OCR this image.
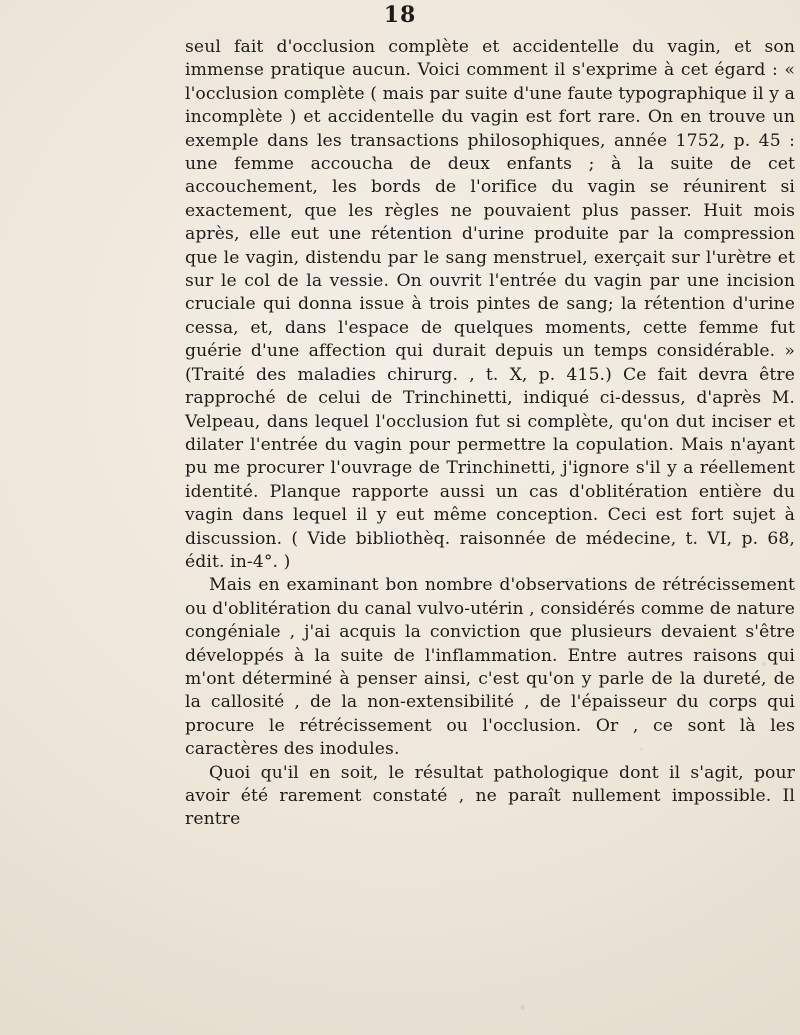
18

seul fait d'occlusion complète et accidentelle du vagin, et son immense pratique aucun. Voici comment il s'exprime à cet égard : « l'occlusion complète ( mais par suite d'une faute typographique il y a incomplète ) et accidentelle du vagin est fort rare. On en trouve un exemple dans les transactions philosophiques, année 1752, p. 45 : une femme accoucha de deux enfants ; à la suite de cet accouchement, les bords de l'orifice du vagin se réunirent si exactement, que les règles ne pouvaient plus passer. Huit mois après, elle eut une rétention d'urine produite par la compression que le vagin, distendu par le sang menstruel, exerçait sur l'urètre et sur le col de la vessie. On ouvrit l'entrée du vagin par une incision cruciale qui donna issue à trois pintes de sang; la rétention d'urine cessa, et, dans l'espace de quelques moments, cette femme fut guérie d'une affection qui durait depuis un temps considérable. » (Traité des maladies chirurg. , t. X, p. 415.) Ce fait devra être rapproché de celui de Trinchinetti, indiqué ci-dessus, d'après M. Velpeau, dans lequel l'occlusion fut si complète, qu'on dut inciser et dilater l'entrée du vagin pour permettre la copulation. Mais n'ayant pu me procurer l'ouvrage de Trinchinetti, j'ignore s'il y a réellement identité. Planque rapporte aussi un cas d'oblitération entière du vagin dans lequel il y eut même conception. Ceci est fort sujet à discussion. ( Vide bibliothèq. raisonnée de médecine, t. VI, p. 68, édit. in-4°. )

Mais en examinant bon nombre d'observations de rétrécissement ou d'oblitération du canal vulvo-utérin , considérés comme de nature congéniale , j'ai acquis la conviction que plusieurs devaient s'être développés à la suite de l'inflammation. Entre autres raisons qui m'ont déterminé à penser ainsi, c'est qu'on y parle de la dureté, de la callosité , de la non-extensibilité , de l'épaisseur du corps qui procure le rétrécissement ou l'occlusion. Or , ce sont là les caractères des inodules.

Quoi qu'il en soit, le résultat pathologique dont il s'agit, pour avoir été rarement constaté , ne paraît nullement impossible. Il rentre
